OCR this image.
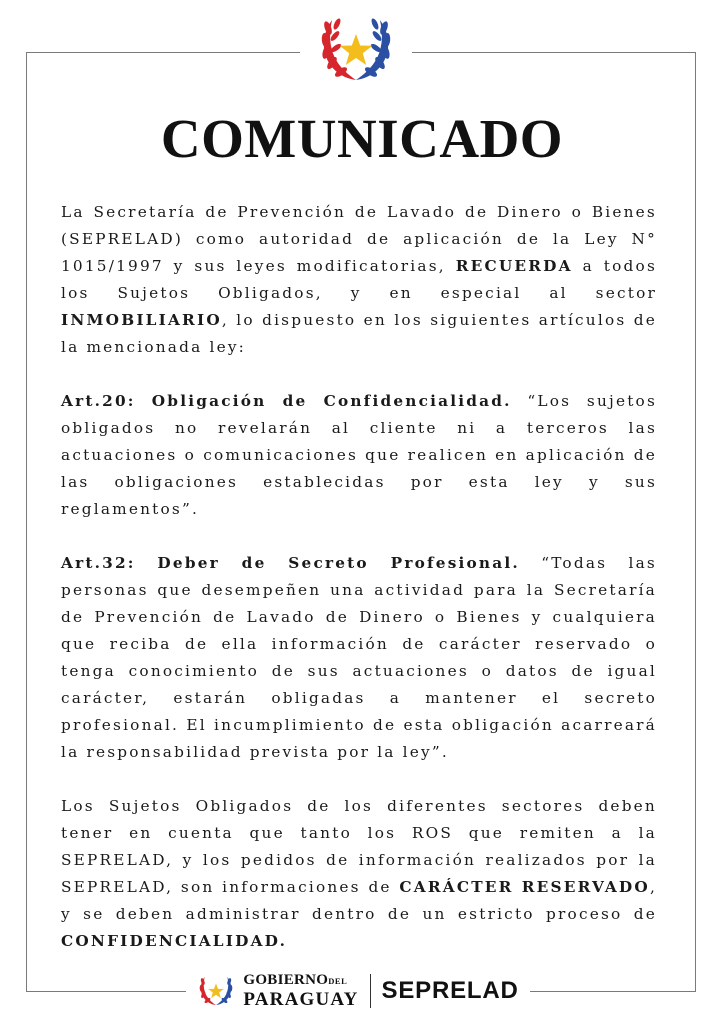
COMUNICADO

La Secretaría de Prevención de Lavado de Dinero o Bienes (SEPRELAD) como autoridad de aplicación de la Ley N° 1015/1997 y sus leyes modificatorias, RECUERDA a todos los Sujetos Obligados, y en especial al sector INMOBILIARIO, lo dispuesto en los siguientes artículos de la mencionada ley:

Art.20: Obligación de Confidencialidad. “Los sujetos obligados no revelarán al cliente ni a terceros las actuaciones o comunicaciones que realicen en aplicación de las obligaciones establecidas por esta ley y sus reglamentos”.

Art.32: Deber de Secreto Profesional. “Todas las personas que desempeñen una actividad para la Secretaría de Prevención de Lavado de Dinero o Bienes y cualquiera que reciba de ella información de carácter reservado o tenga conocimiento de sus actuaciones o datos de igual carácter, estarán obligadas a mantener el secreto profesional. El incumplimiento de esta obligación acarreará la responsabilidad prevista por la ley”.

Los Sujetos Obligados de los diferentes sectores deben tener en cuenta que tanto los ROS que remiten a la SEPRELAD, y los pedidos de información realizados por la SEPRELAD, son informaciones de CARÁCTER RESERVADO, y se deben administrar dentro de un estricto proceso de CONFIDENCIALIDAD.

GOBIERNODEL
PARAGUAY SEPRELAD
